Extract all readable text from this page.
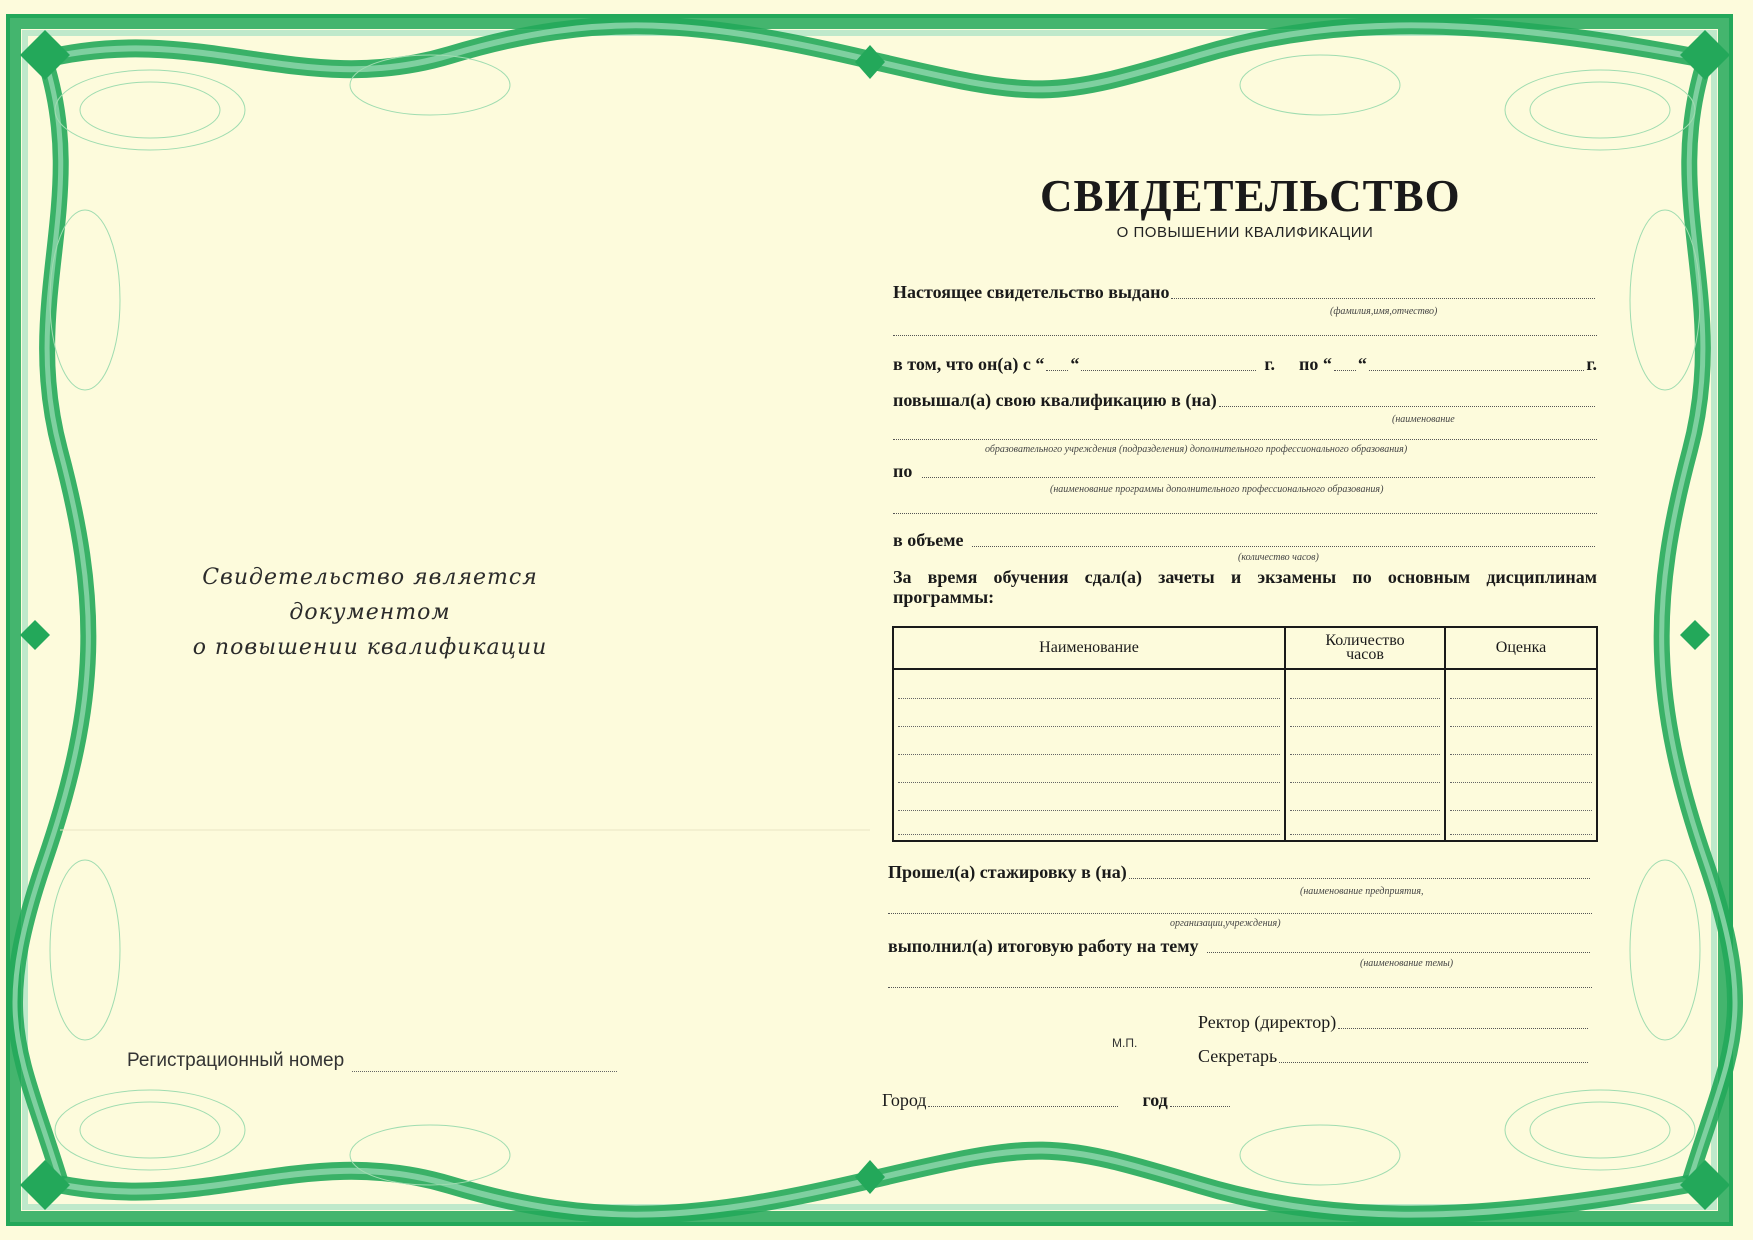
Свидетельство является документом
о повышении квалификации
Регистрационный номер
СВИДЕТЕЛЬСТВО
О ПОВЫШЕНИИ КВАЛИФИКАЦИИ
Настоящее свидетельство выдано
(фамилия,имя,отчество)
в том, что он(а) с “ “	г. по “ “	г.
повышал(а) свою квалификацию в (на)
(наименование
образовательного учреждения (подразделения) дополнительного профессионального образования)
по
(наименование программы дополнительного профессионального образования)
в объеме
(количество часов)
За время обучения сдал(а) зачеты и экзамены по основным дисциплинам программы:
Наименование	Количество часов	Оценка
Прошел(а) стажировку в (на)
(наименование предприятия,
организации,учреждения)
выполнил(а) итоговую работу на тему
(наименование темы)
М.П.
Ректор (директор)
Секретарь
Город	год
